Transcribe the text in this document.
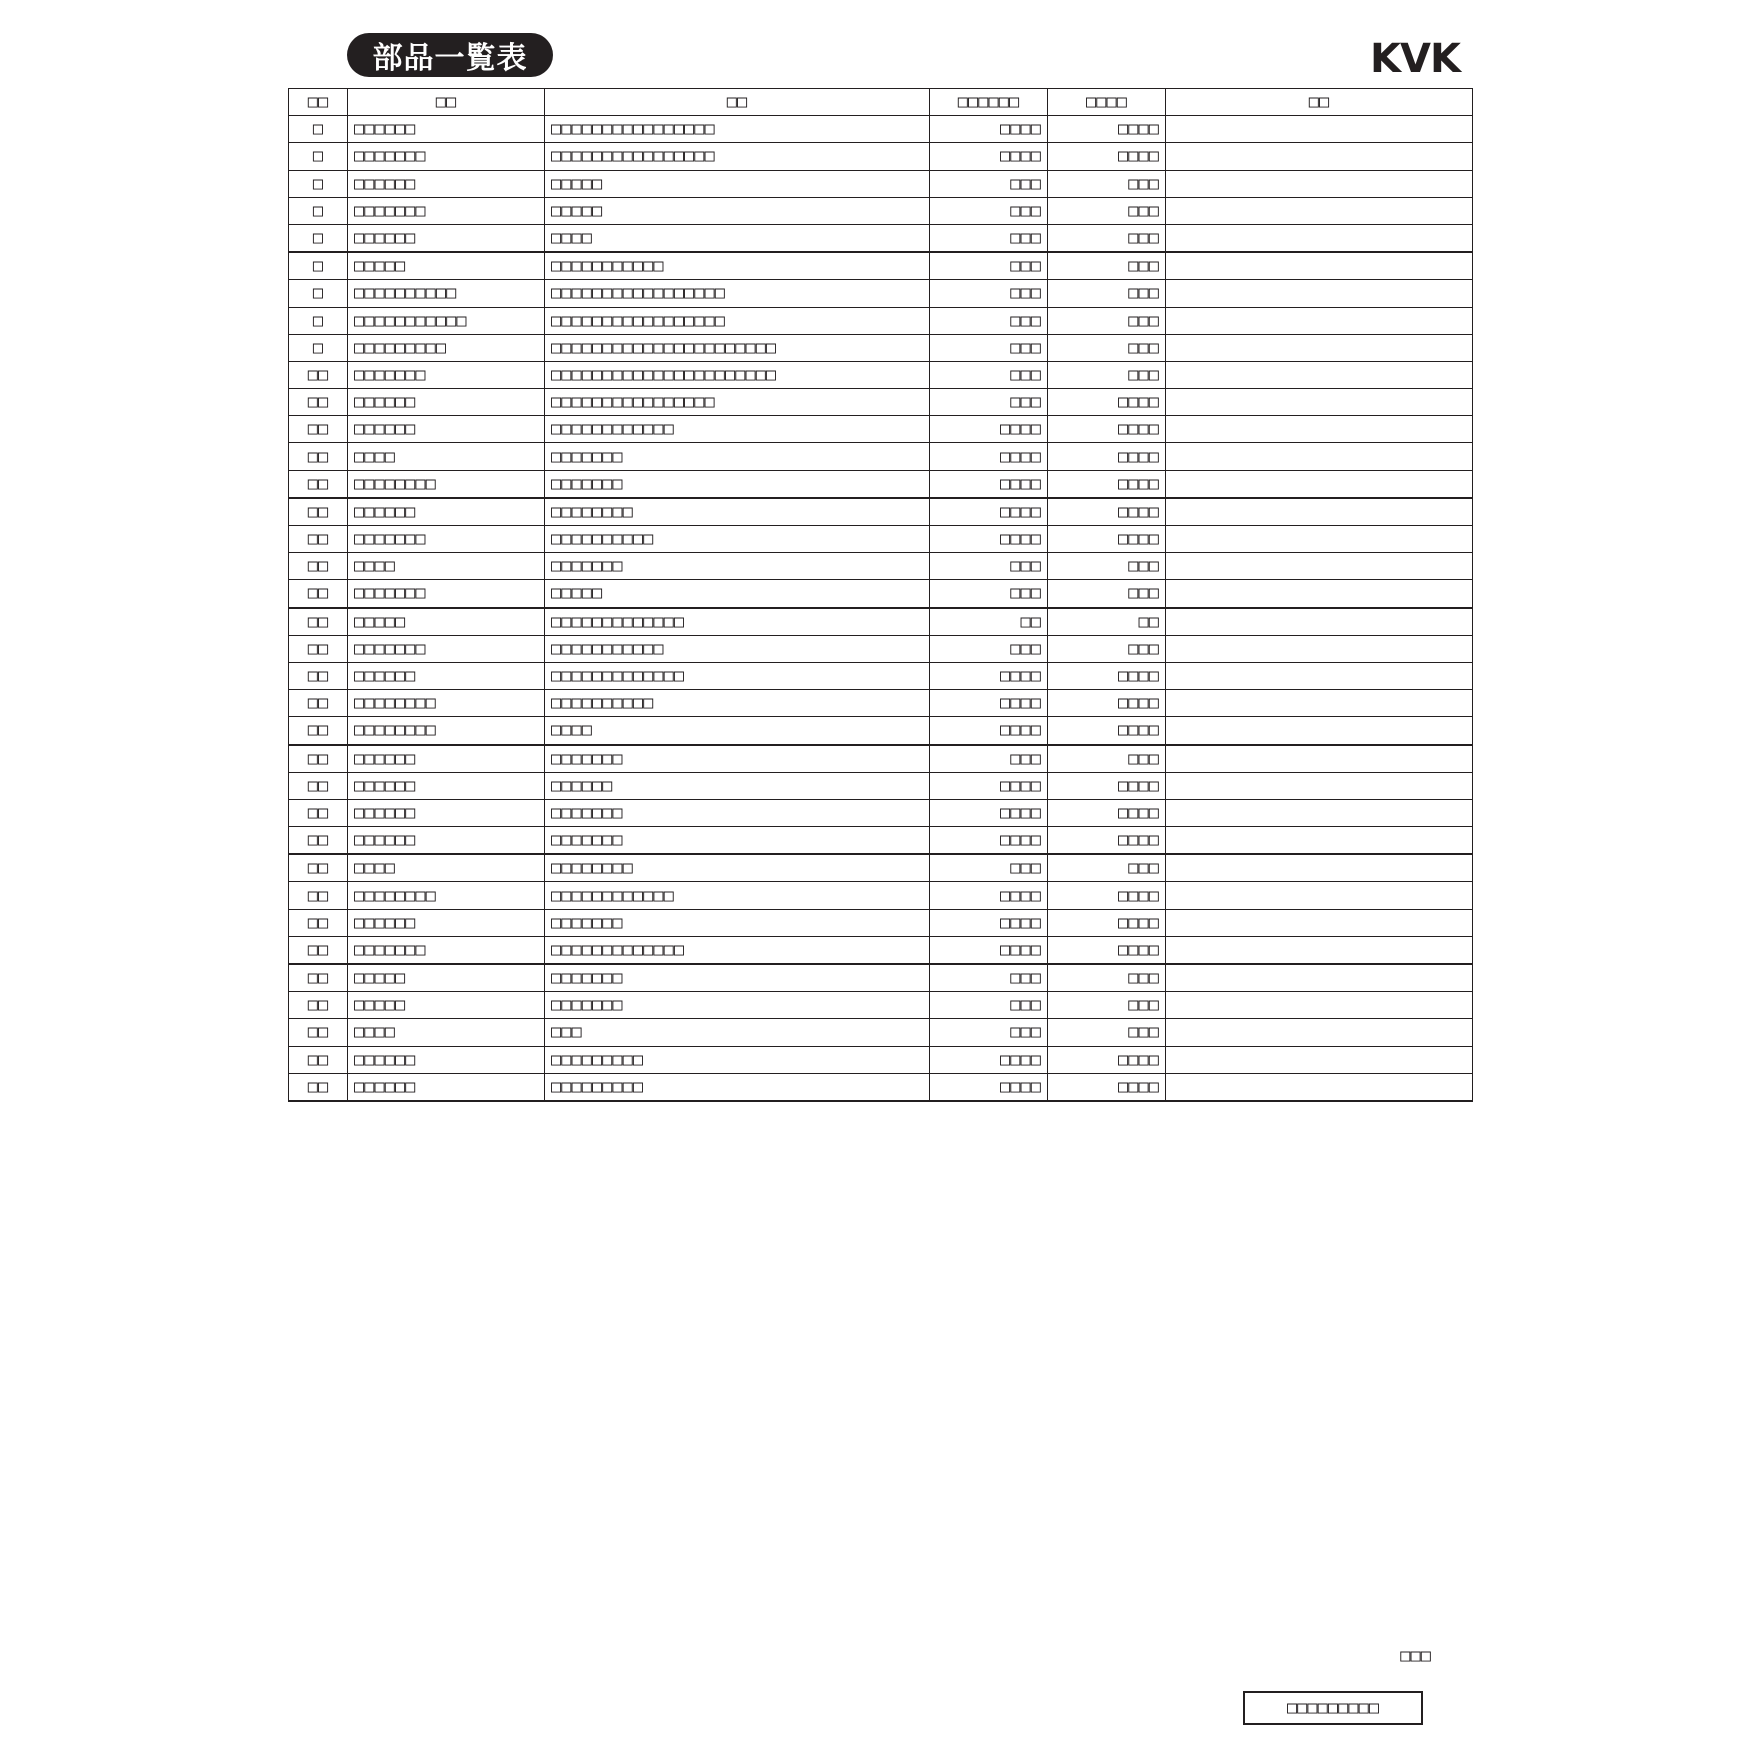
部品一覧表	KVK
□□	□□	□□	□□□□□□	□□□□	□□
□	□□□□□□	□□□□□□□□□□□□□□□□	□□□□	□□□□	
□	□□□□□□□	□□□□□□□□□□□□□□□□	□□□□	□□□□	
□	□□□□□□	□□□□□	□□□	□□□	
□	□□□□□□□	□□□□□	□□□	□□□	
□	□□□□□□	□□□□	□□□	□□□	
□	□□□□□	□□□□□□□□□□□	□□□	□□□	
□	□□□□□□□□□□	□□□□□□□□□□□□□□□□□	□□□	□□□	
□	□□□□□□□□□□□	□□□□□□□□□□□□□□□□□	□□□	□□□	
□	□□□□□□□□□	□□□□□□□□□□□□□□□□□□□□□□	□□□	□□□	
□□	□□□□□□□	□□□□□□□□□□□□□□□□□□□□□□	□□□	□□□	
□□	□□□□□□	□□□□□□□□□□□□□□□□	□□□	□□□□	
□□	□□□□□□	□□□□□□□□□□□□	□□□□	□□□□	
□□	□□□□	□□□□□□□	□□□□	□□□□	
□□	□□□□□□□□	□□□□□□□	□□□□	□□□□	
□□	□□□□□□	□□□□□□□□	□□□□	□□□□	
□□	□□□□□□□	□□□□□□□□□□	□□□□	□□□□	
□□	□□□□	□□□□□□□	□□□	□□□	
□□	□□□□□□□	□□□□□	□□□	□□□	
□□	□□□□□	□□□□□□□□□□□□□	□□	□□	
□□	□□□□□□□	□□□□□□□□□□□	□□□	□□□	
□□	□□□□□□	□□□□□□□□□□□□□	□□□□	□□□□	
□□	□□□□□□□□	□□□□□□□□□□	□□□□	□□□□	
□□	□□□□□□□□	□□□□	□□□□	□□□□	
□□	□□□□□□	□□□□□□□	□□□	□□□	
□□	□□□□□□	□□□□□□	□□□□	□□□□	
□□	□□□□□□	□□□□□□□	□□□□	□□□□	
□□	□□□□□□	□□□□□□□	□□□□	□□□□	
□□	□□□□	□□□□□□□□	□□□	□□□	
□□	□□□□□□□□	□□□□□□□□□□□□	□□□□	□□□□	
□□	□□□□□□	□□□□□□□	□□□□	□□□□	
□□	□□□□□□□	□□□□□□□□□□□□□	□□□□	□□□□	
□□	□□□□□	□□□□□□□	□□□	□□□	
□□	□□□□□	□□□□□□□	□□□	□□□	
□□	□□□□	□□□	□□□	□□□	
□□	□□□□□□	□□□□□□□□□	□□□□	□□□□	
□□	□□□□□□	□□□□□□□□□	□□□□	□□□□	
□□□
□□□□□□□□□
